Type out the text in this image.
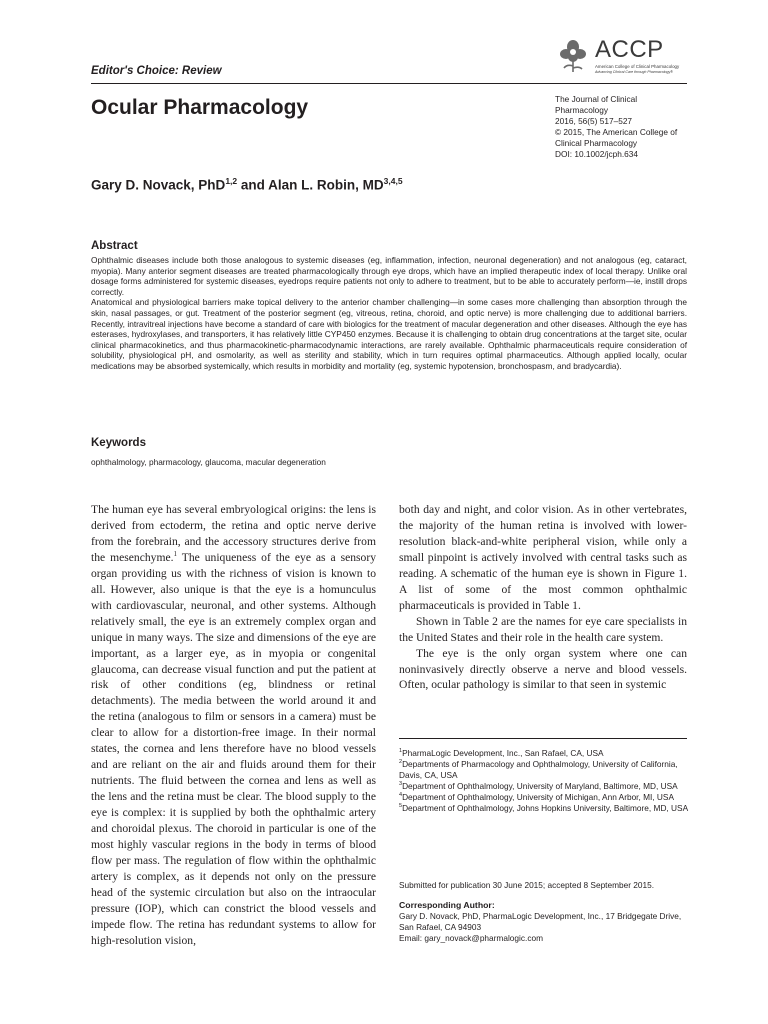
Editor's Choice: Review
ACCP
American College of Clinical Pharmacology
Advancing Clinical Care through Pharmacology®
Ocular Pharmacology	The Journal of Clinical Pharmacology
2016, 56(5) 517–527
© 2015, The American College of Clinical Pharmacology
DOI: 10.1002/jcph.634

Gary D. Novack, PhD$^{1,2}$ and Alan L. Robin, MD$^{3,4,5}$

Abstract

Ophthalmic diseases include both those analogous to systemic diseases (eg, inflammation, infection, neuronal degeneration) and not analogous (eg, cataract, myopia). Many anterior segment diseases are treated pharmacologically through eye drops, which have an implied therapeutic index of local therapy. Unlike oral dosage forms administered for systemic diseases, eyedrops require patients not only to adhere to treatment, but to be able to accurately perform—ie, instill drops correctly.

Anatomical and physiological barriers make topical delivery to the anterior chamber challenging—in some cases more challenging than absorption through the skin, nasal passages, or gut. Treatment of the posterior segment (eg, vitreous, retina, choroid, and optic nerve) is more challenging due to additional barriers. Recently, intravitreal injections have become a standard of care with biologics for the treatment of macular degeneration and other diseases. Although the eye has esterases, hydroxylases, and transporters, it has relatively little CYP450 enzymes. Because it is challenging to obtain drug concentrations at the target site, ocular clinical pharmacokinetics, and thus pharmacokinetic-pharmacodynamic interactions, are rarely available. Ophthalmic pharmaceuticals require consideration of solubility, physiological pH, and osmolarity, as well as sterility and stability, which in turn requires optimal pharmaceutics. Although applied locally, ocular medications may be absorbed systemically, which results in morbidity and mortality (eg, systemic hypotension, bronchospasm, and bradycardia).

Keywords
ophthalmology, pharmacology, glaucoma, macular degeneration

The human eye has several embryological origins: the lens is derived from ectoderm, the retina and optic nerve derive from the forebrain, and the accessory structures derive from the mesenchyme.$^1$ The uniqueness of the eye as a sensory organ providing us with the richness of vision is known to all. However, also unique is that the eye is a homunculus with cardiovascular, neuronal, and other systems. Although relatively small, the eye is an extremely complex organ and unique in many ways. The size and dimensions of the eye are important, as a larger eye, as in myopia or congenital glaucoma, can decrease visual function and put the patient at risk of other conditions (eg, blindness or retinal detachments). The media between the world around it and the retina (analogous to film or sensors in a camera) must be clear to allow for a distortion-free image. In their normal states, the cornea and lens therefore have no blood vessels and are reliant on the air and fluids around them for their nutrients. The fluid between the cornea and lens as well as the lens and the retina must be clear. The blood supply to the eye is complex: it is supplied by both the ophthalmic artery and choroidal plexus. The choroid in particular is one of the most highly vascular regions in the body in terms of blood flow per mass. The regulation of flow within the ophthalmic artery is complex, as it depends not only on the pressure head of the systemic circulation but also on the intraocular pressure (IOP), which can constrict the blood vessels and impede flow. The retina has redundant systems to allow for high-resolution vision,

both day and night, and color vision. As in other vertebrates, the majority of the human retina is involved with lower-resolution black-and-white peripheral vision, while only a small pinpoint is actively involved with central tasks such as reading. A schematic of the human eye is shown in Figure 1. A list of some of the most common ophthalmic pharmaceuticals is provided in Table 1.

Shown in Table 2 are the names for eye care specialists in the United States and their role in the health care system.

The eye is the only organ system where one can noninvasively directly observe a nerve and blood vessels. Often, ocular pathology is similar to that seen in systemic

$^1$PharmaLogic Development, Inc., San Rafael, CA, USA
$^2$Departments of Pharmacology and Ophthalmology, University of California, Davis, CA, USA
$^3$Department of Ophthalmology, University of Maryland, Baltimore, MD, USA
$^4$Department of Ophthalmology, University of Michigan, Ann Arbor, MI, USA
$^5$Department of Ophthalmology, Johns Hopkins University, Baltimore, MD, USA
Submitted for publication 30 June 2015; accepted 8 September 2015.
Corresponding Author:
Gary D. Novack, PhD, PharmaLogic Development, Inc., 17 Bridgegate Drive, San Rafael, CA 94903
Email: gary_novack@pharmalogic.com
